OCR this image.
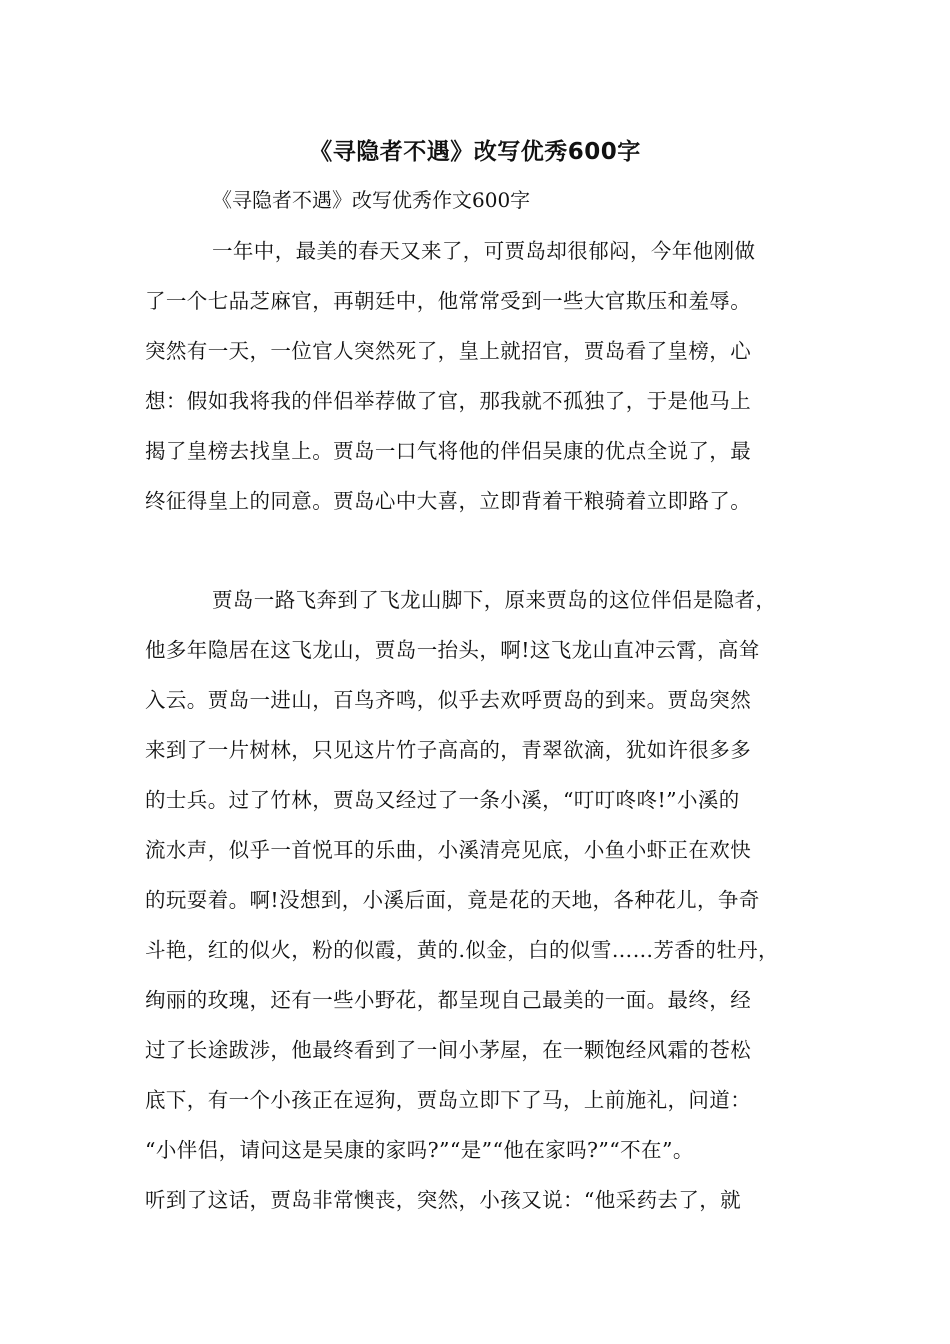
《寻隐者不遇》改写优秀600字

《寻隐者不遇》改写优秀作文600字

一年中，最美的春天又来了，可贾岛却很郁闷，今年他刚做
了一个七品芝麻官，再朝廷中，他常常受到一些大官欺压和羞辱。
突然有一天，一位官人突然死了，皇上就招官，贾岛看了皇榜，心
想：假如我将我的伴侣举荐做了官，那我就不孤独了，于是他马上
揭了皇榜去找皇上。贾岛一口气将他的伴侣吴康的优点全说了，最
终征得皇上的同意。贾岛心中大喜，立即背着干粮骑着立即路了。
贾岛一路飞奔到了飞龙山脚下，原来贾岛的这位伴侣是隐者，
他多年隐居在这飞龙山，贾岛一抬头，啊!这飞龙山直冲云霄，高耸
入云。贾岛一进山，百鸟齐鸣，似乎去欢呼贾岛的到来。贾岛突然
来到了一片树林，只见这片竹子高高的，青翠欲滴，犹如许很多多
的士兵。过了竹林，贾岛又经过了一条小溪，“叮叮咚咚!”小溪的
流水声，似乎一首悦耳的乐曲，小溪清亮见底，小鱼小虾正在欢快
的玩耍着。啊!没想到，小溪后面，竟是花的天地，各种花儿，争奇
斗艳，红的似火，粉的似霞，黄的.似金，白的似雪……芳香的牡丹，
绚丽的玫瑰，还有一些小野花，都呈现自己最美的一面。最终，经
过了长途跋涉，他最终看到了一间小茅屋，在一颗饱经风霜的苍松
底下，有一个小孩正在逗狗，贾岛立即下了马，上前施礼，问道：
“小伴侣，请问这是吴康的家吗?”“是”“他在家吗?”“不在”。
听到了这话，贾岛非常懊丧，突然，小孩又说：“他采药去了，就
